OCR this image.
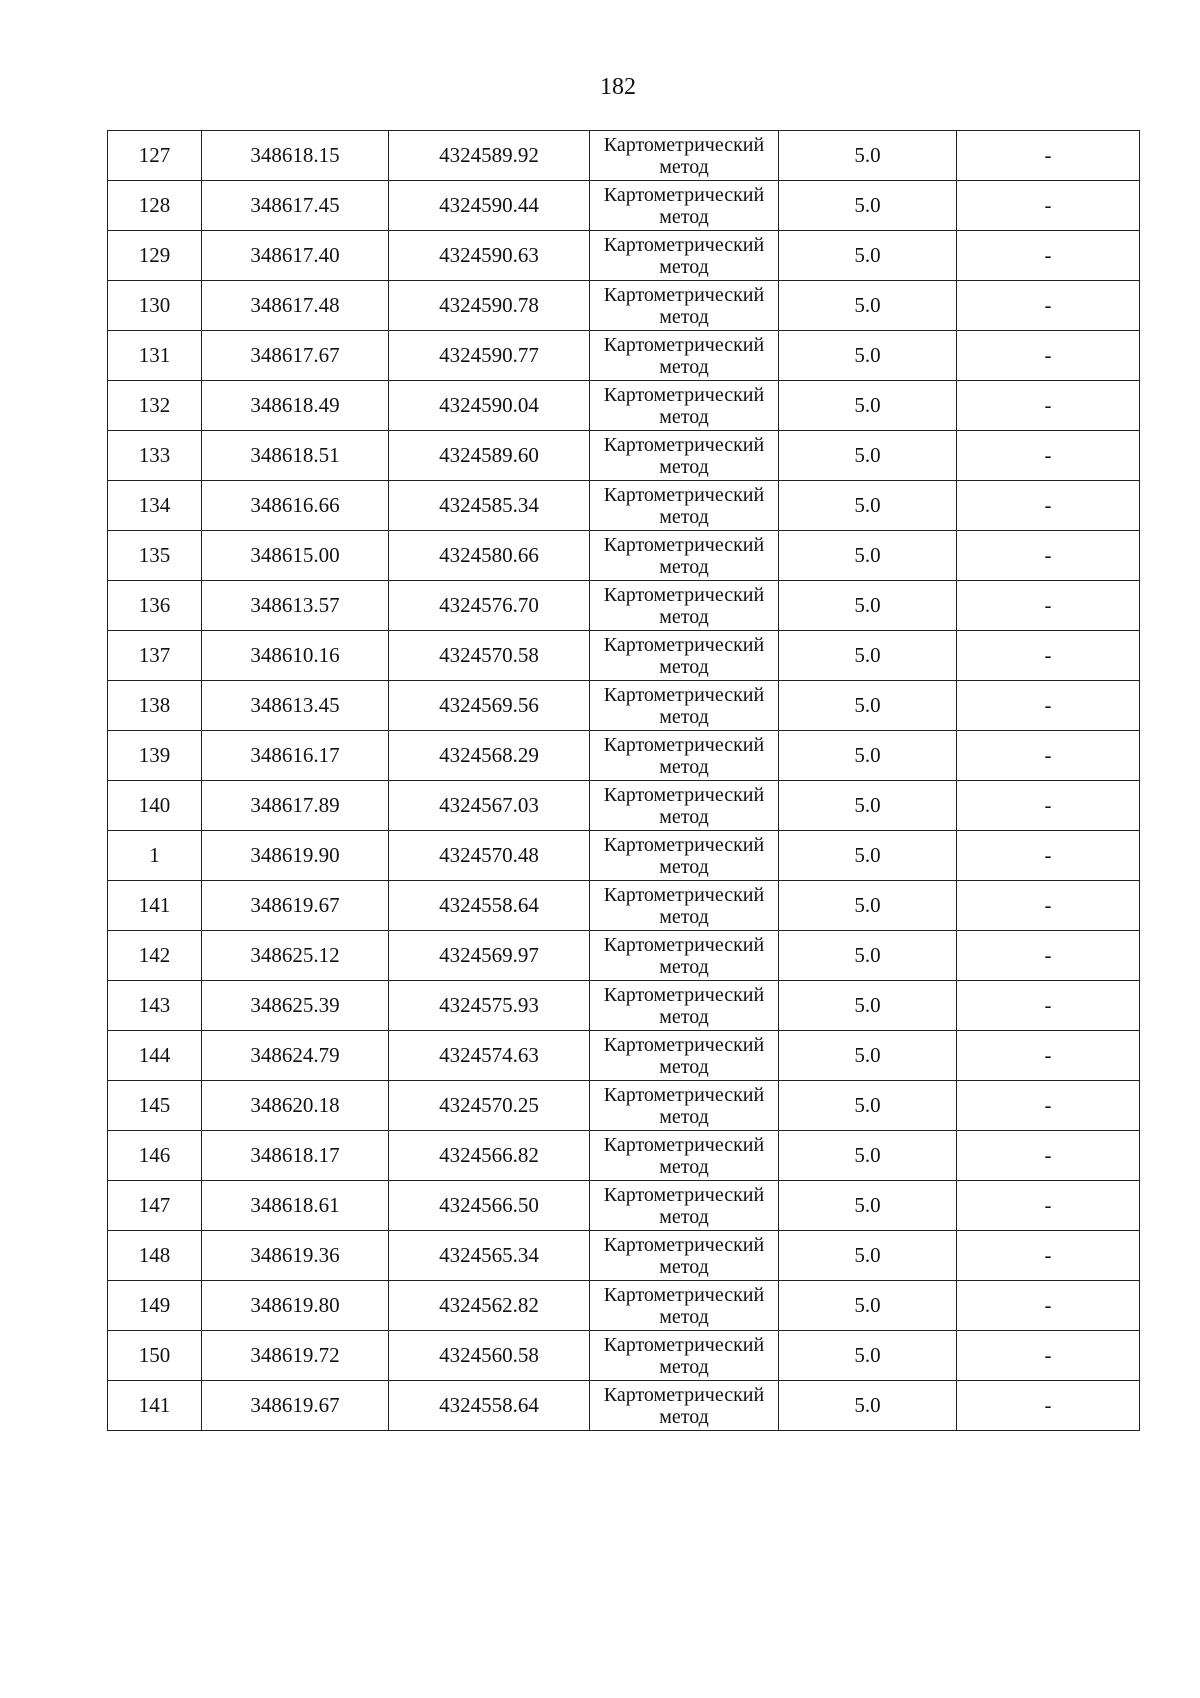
182
127	348618.15	4324589.92	Картометрический метод	5.0	-
128	348617.45	4324590.44	Картометрический метод	5.0	-
129	348617.40	4324590.63	Картометрический метод	5.0	-
130	348617.48	4324590.78	Картометрический метод	5.0	-
131	348617.67	4324590.77	Картометрический метод	5.0	-
132	348618.49	4324590.04	Картометрический метод	5.0	-
133	348618.51	4324589.60	Картометрический метод	5.0	-
134	348616.66	4324585.34	Картометрический метод	5.0	-
135	348615.00	4324580.66	Картометрический метод	5.0	-
136	348613.57	4324576.70	Картометрический метод	5.0	-
137	348610.16	4324570.58	Картометрический метод	5.0	-
138	348613.45	4324569.56	Картометрический метод	5.0	-
139	348616.17	4324568.29	Картометрический метод	5.0	-
140	348617.89	4324567.03	Картометрический метод	5.0	-
1	348619.90	4324570.48	Картометрический метод	5.0	-
141	348619.67	4324558.64	Картометрический метод	5.0	-
142	348625.12	4324569.97	Картометрический метод	5.0	-
143	348625.39	4324575.93	Картометрический метод	5.0	-
144	348624.79	4324574.63	Картометрический метод	5.0	-
145	348620.18	4324570.25	Картометрический метод	5.0	-
146	348618.17	4324566.82	Картометрический метод	5.0	-
147	348618.61	4324566.50	Картометрический метод	5.0	-
148	348619.36	4324565.34	Картометрический метод	5.0	-
149	348619.80	4324562.82	Картометрический метод	5.0	-
150	348619.72	4324560.58	Картометрический метод	5.0	-
141	348619.67	4324558.64	Картометрический метод	5.0	-
